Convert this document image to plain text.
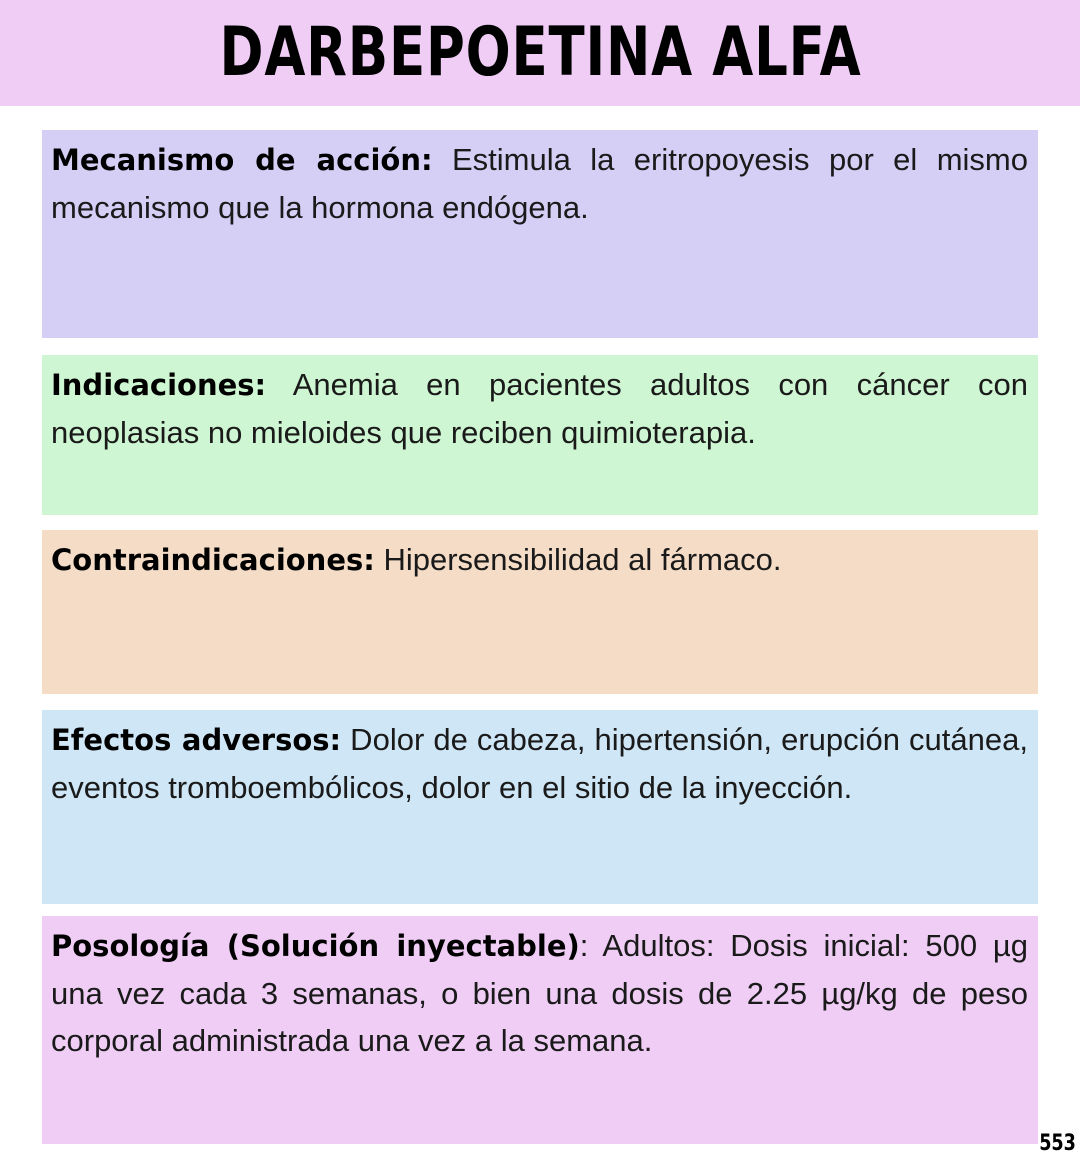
DARBEPOETINA ALFA
Mecanismo de acción: Estimula la eritropoyesis por el mismo mecanismo que la hormona endógena.
Indicaciones: Anemia en pacientes adultos con cáncer con neoplasias no mieloides que reciben quimioterapia.
Contraindicaciones: Hipersensibilidad al fármaco.
Efectos adversos: Dolor de cabeza, hipertensión, erupción cutánea, eventos tromboembólicos, dolor en el sitio de la inyección.
Posología (Solución inyectable): Adultos: Dosis inicial: 500 µg una vez cada 3 semanas, o bien una dosis de 2.25 µg/kg de peso corporal administrada una vez a la semana.
553
